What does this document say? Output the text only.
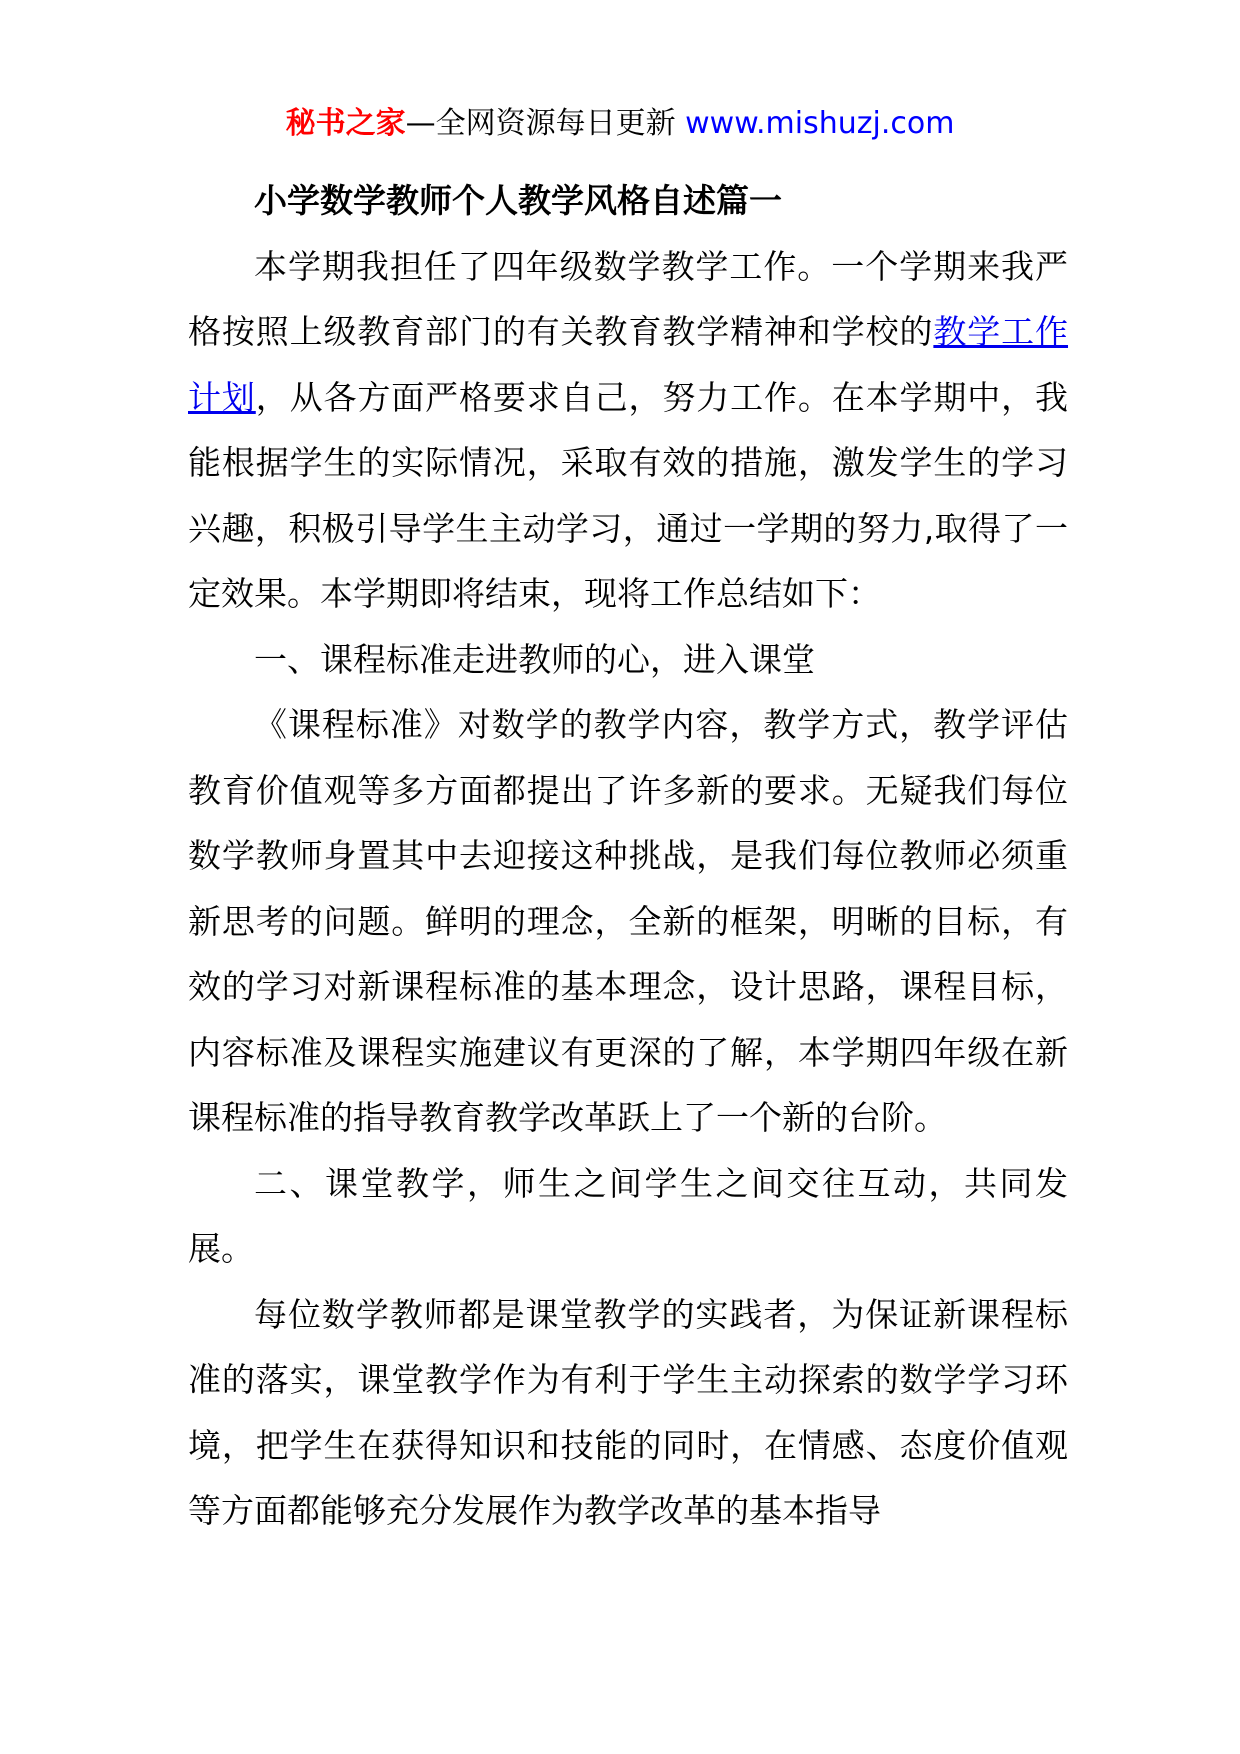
秘书之家—全网资源每日更新 www.mishuzj.com

小学数学教师个人教学风格自述篇一

本学期我担任了四年级数学教学工作。一个学期来我严格按照上级教育部门的有关教育教学精神和学校的教学工作计划，从各方面严格要求自己，努力工作。在本学期中，我能根据学生的实际情况，采取有效的措施，激发学生的学习兴趣，积极引导学生主动学习，通过一学期的努力,取得了一定效果。本学期即将结束，现将工作总结如下：

一、课程标准走进教师的心，进入课堂

《课程标准》对数学的教学内容，教学方式，教学评估教育价值观等多方面都提出了许多新的要求。无疑我们每位数学教师身置其中去迎接这种挑战，是我们每位教师必须重新思考的问题。鲜明的理念，全新的框架，明晰的目标，有效的学习对新课程标准的基本理念，设计思路，课程目标，内容标准及课程实施建议有更深的了解，本学期四年级在新课程标准的指导教育教学改革跃上了一个新的台阶。

二、课堂教学，师生之间学生之间交往互动，共同发展。

每位数学教师都是课堂教学的实践者，为保证新课程标准的落实，课堂教学作为有利于学生主动探索的数学学习环境，把学生在获得知识和技能的同时，在情感、态度价值观等方面都能够充分发展作为教学改革的基本指导
